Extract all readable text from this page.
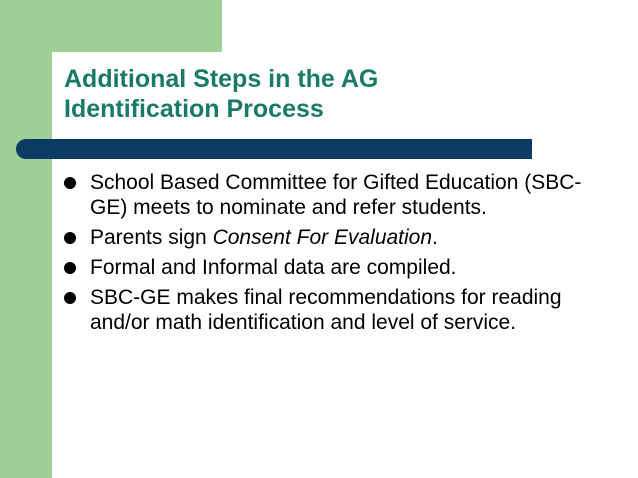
Additional Steps in the AG
Identification Process
School Based Committee for Gifted Education (SBC-GE) meets to nominate and refer students.
Parents sign Consent For Evaluation.
Formal and Informal data are compiled.
SBC-GE makes final recommendations for reading and/or math identification and level of service.
